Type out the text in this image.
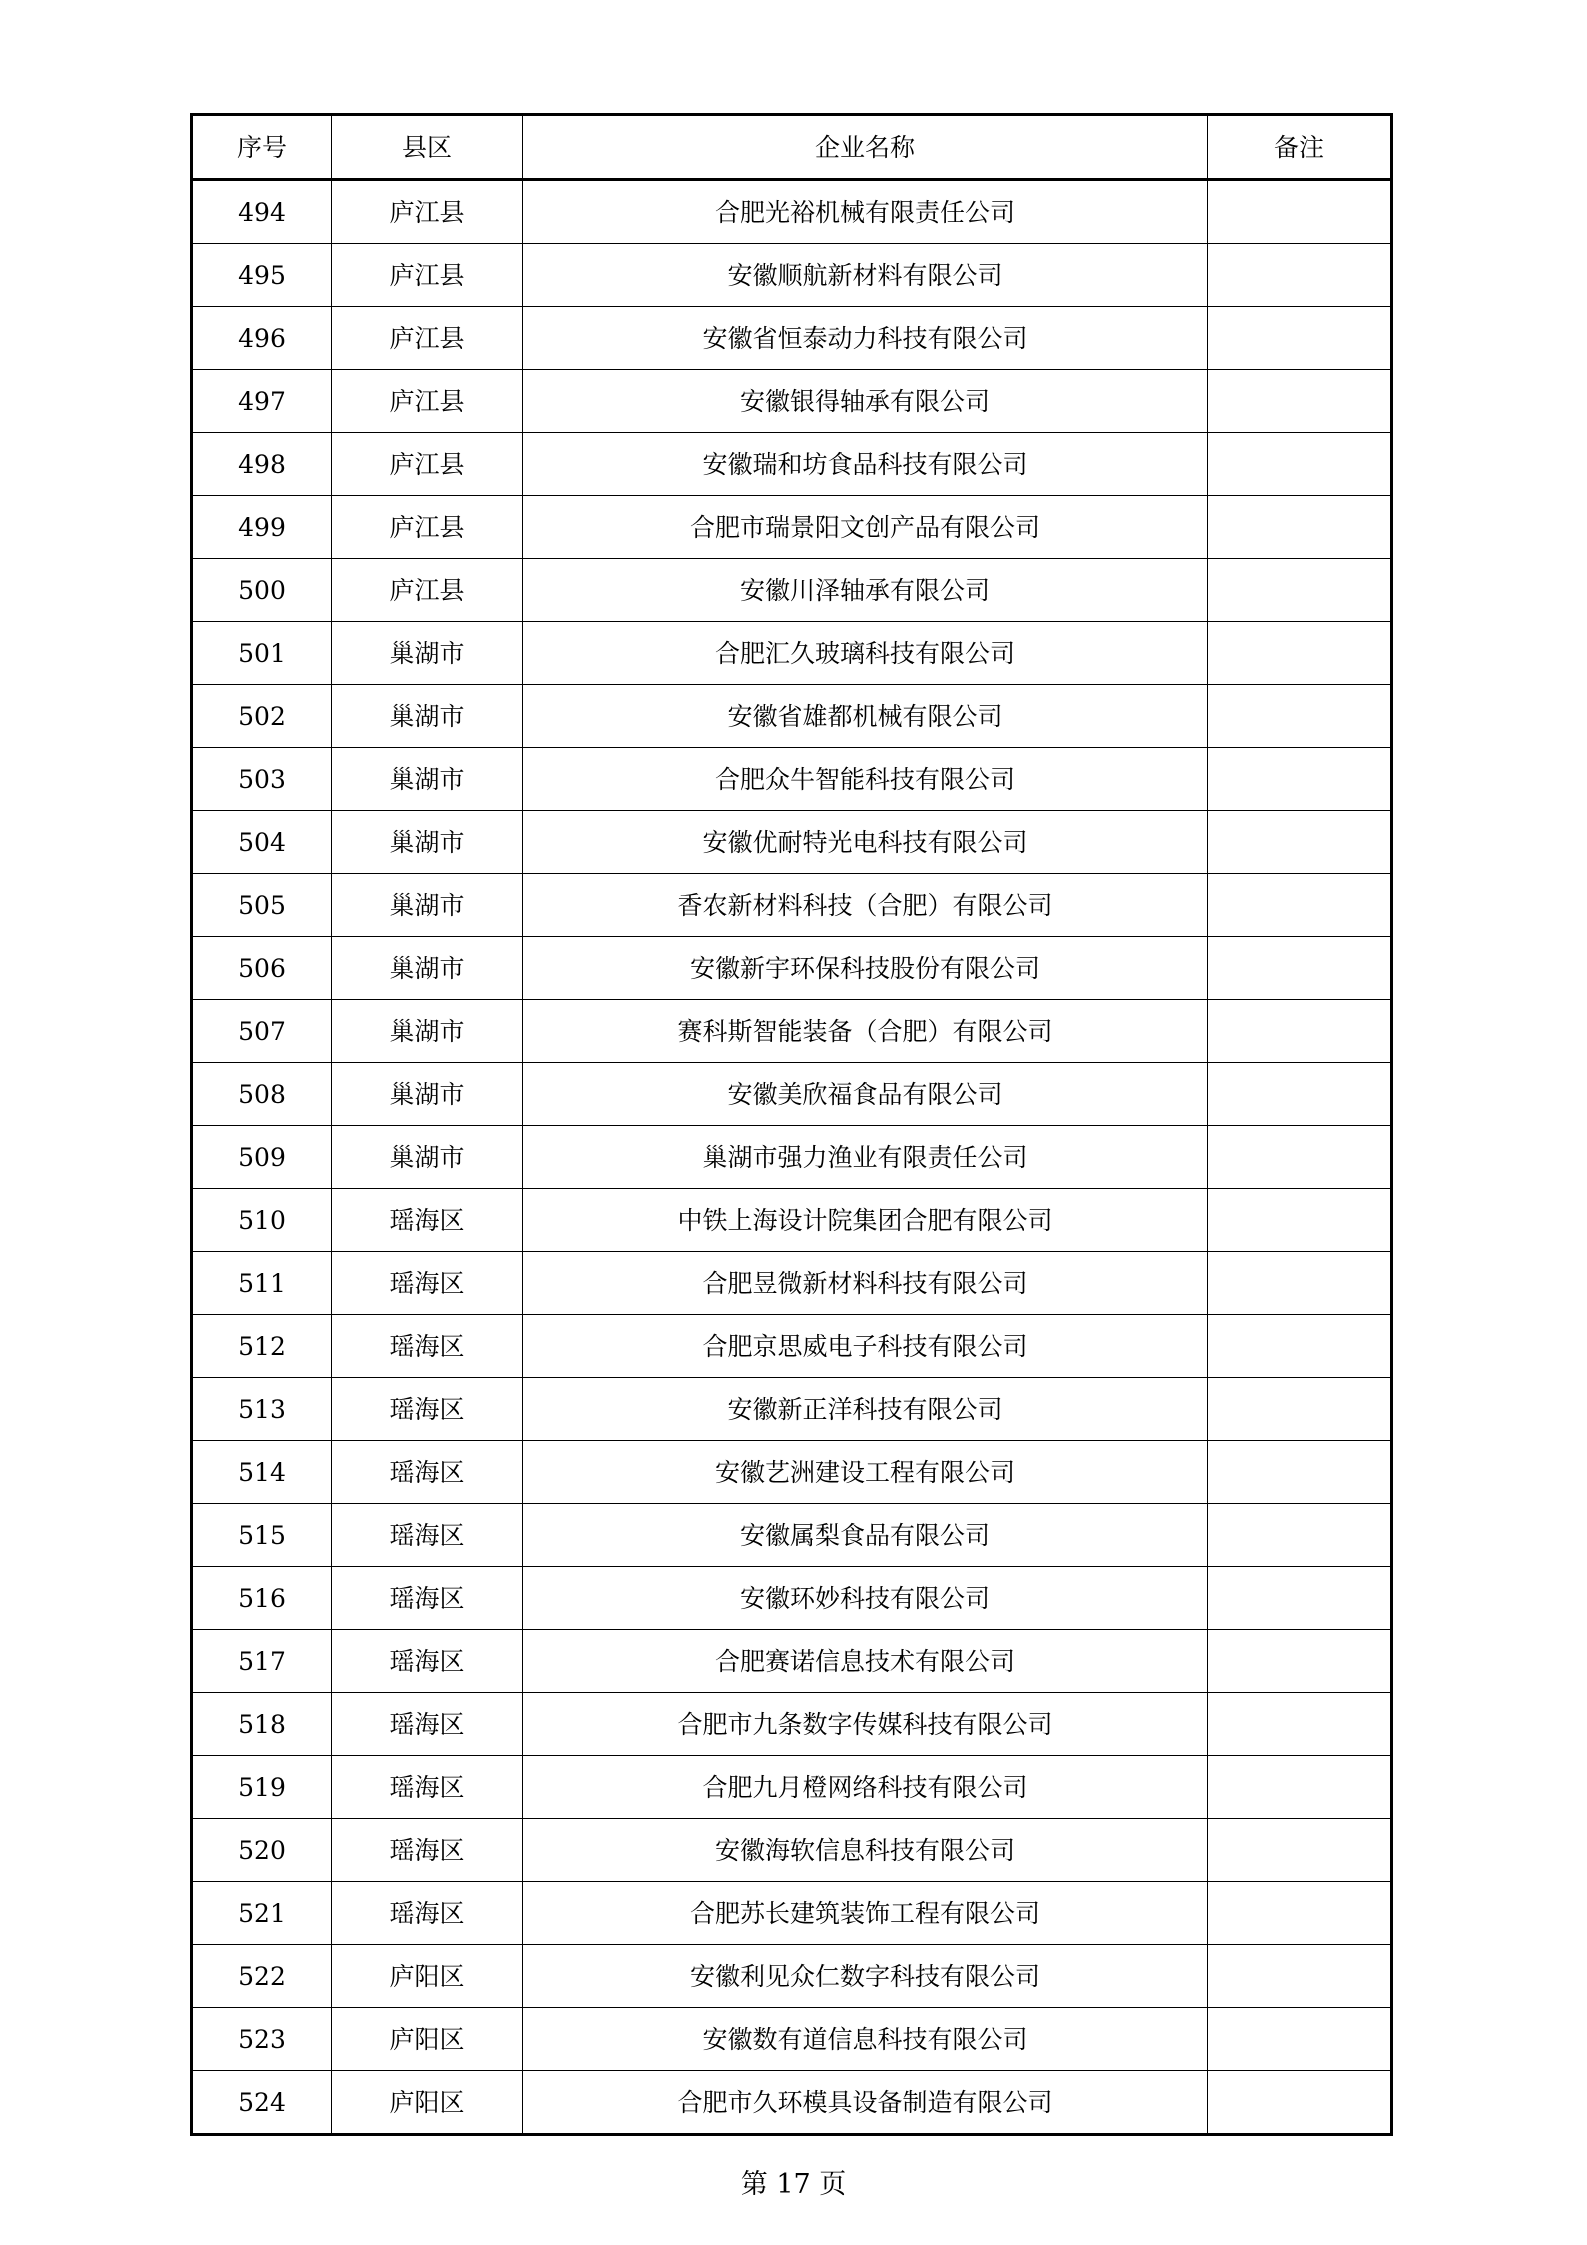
序号	县区	企业名称	备注
494	庐江县	合肥光裕机械有限责任公司	
495	庐江县	安徽顺航新材料有限公司	
496	庐江县	安徽省恒泰动力科技有限公司	
497	庐江县	安徽银得轴承有限公司	
498	庐江县	安徽瑞和坊食品科技有限公司	
499	庐江县	合肥市瑞景阳文创产品有限公司	
500	庐江县	安徽川泽轴承有限公司	
501	巢湖市	合肥汇久玻璃科技有限公司	
502	巢湖市	安徽省雄都机械有限公司	
503	巢湖市	合肥众牛智能科技有限公司	
504	巢湖市	安徽优耐特光电科技有限公司	
505	巢湖市	香农新材料科技（合肥）有限公司	
506	巢湖市	安徽新宇环保科技股份有限公司	
507	巢湖市	赛科斯智能装备（合肥）有限公司	
508	巢湖市	安徽美欣福食品有限公司	
509	巢湖市	巢湖市强力渔业有限责任公司	
510	瑶海区	中铁上海设计院集团合肥有限公司	
511	瑶海区	合肥昱微新材料科技有限公司	
512	瑶海区	合肥京思威电子科技有限公司	
513	瑶海区	安徽新正洋科技有限公司	
514	瑶海区	安徽艺洲建设工程有限公司	
515	瑶海区	安徽属梨食品有限公司	
516	瑶海区	安徽环妙科技有限公司	
517	瑶海区	合肥赛诺信息技术有限公司	
518	瑶海区	合肥市九条数字传媒科技有限公司	
519	瑶海区	合肥九月橙网络科技有限公司	
520	瑶海区	安徽海软信息科技有限公司	
521	瑶海区	合肥苏长建筑装饰工程有限公司	
522	庐阳区	安徽利见众仁数字科技有限公司	
523	庐阳区	安徽数有道信息科技有限公司	
524	庐阳区	合肥市久环模具设备制造有限公司	
第 17 页
